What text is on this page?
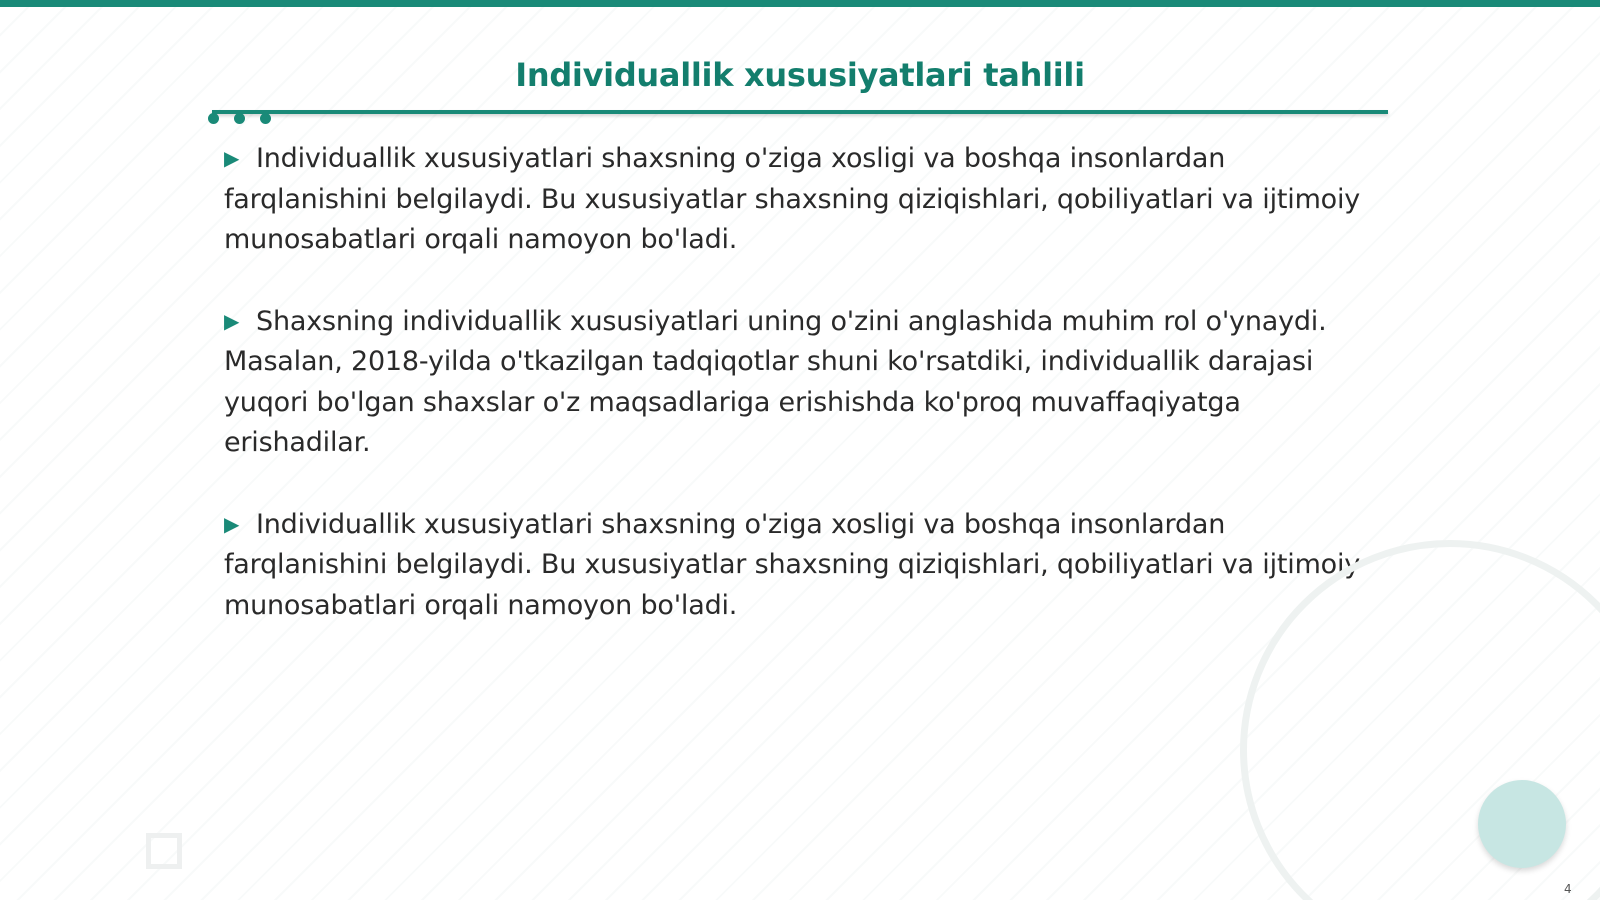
Individuallik xususiyatlari tahlili
▶ Individuallik xususiyatlari shaxsning o'ziga xosligi va boshqa insonlardan farqlanishini belgilaydi. Bu xususiyatlar shaxsning qiziqishlari, qobiliyatlari va ijtimoiy munosabatlari orqali namoyon bo'ladi.
▶ Shaxsning individuallik xususiyatlari uning o'zini anglashida muhim rol o'ynaydi. Masalan, 2018-yilda o'tkazilgan tadqiqotlar shuni ko'rsatdiki, individuallik darajasi yuqori bo'lgan shaxslar o'z maqsadlariga erishishda ko'proq muvaffaqiyatga erishadilar.
▶ Individuallik xususiyatlari shaxsning o'ziga xosligi va boshqa insonlardan farqlanishini belgilaydi. Bu xususiyatlar shaxsning qiziqishlari, qobiliyatlari va ijtimoiy munosabatlari orqali namoyon bo'ladi.
4
